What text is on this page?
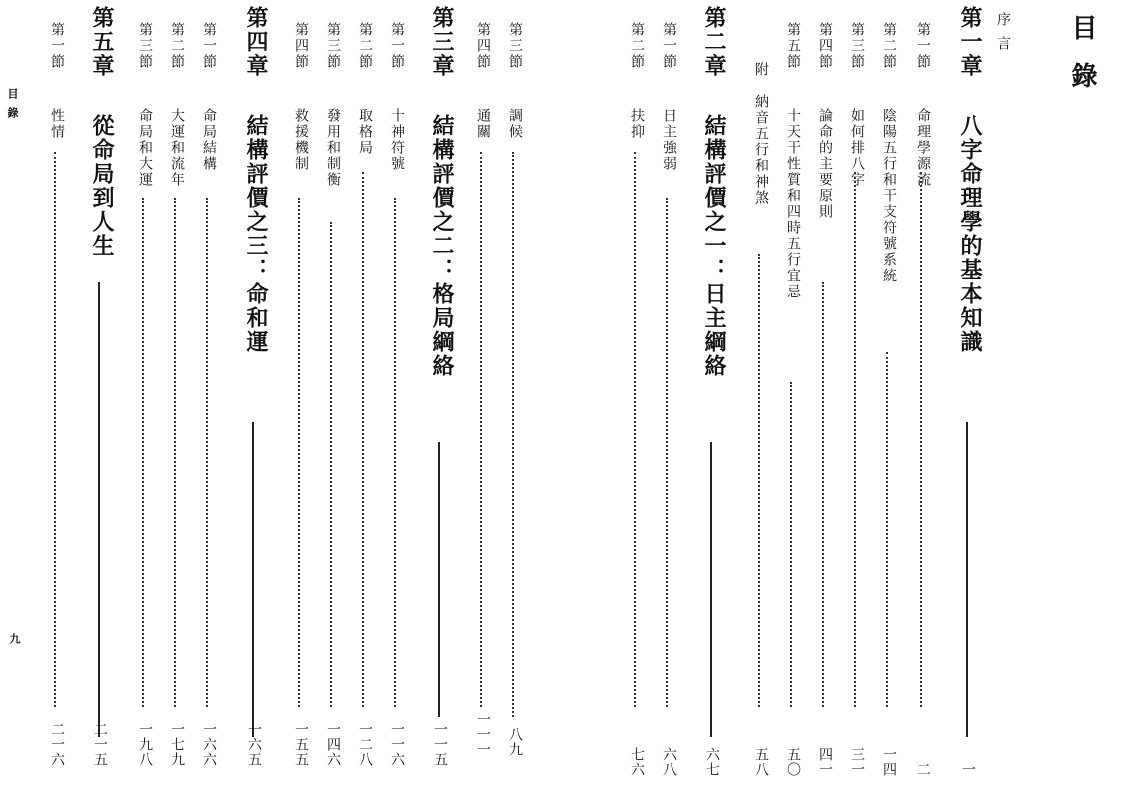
目錄
九
目錄
序言
第一章
八字命理學的基本知識
一
第一節
命理學源流
二
第二節
陰陽五行和干支符號系統
一四
第三節
如何排八字
三一
第四節
論命的主要原則
四一
第五節
十天干性質和四時五行宜忌
五〇
附
納音五行和神煞
五八
第二章
結構評價之一：日主綱絡
六七
第一節
日主強弱
六八
第二節
扶抑
七六
第三節
調候
八九
第四節
通關
一一一
第三章
結構評價之二：格局綱絡
一一五
第一節
十神符號
一一六
第二節
取格局
一二八
第三節
發用和制衡
一四六
第四節
救援機制
一五五
第四章
結構評價之三：命和運
一六五
第一節
命局結構
一六六
第二節
大運和流年
一七九
第三節
命局和大運
一九八
第五章
從命局到人生
二一五
第一節
性情
二一六
